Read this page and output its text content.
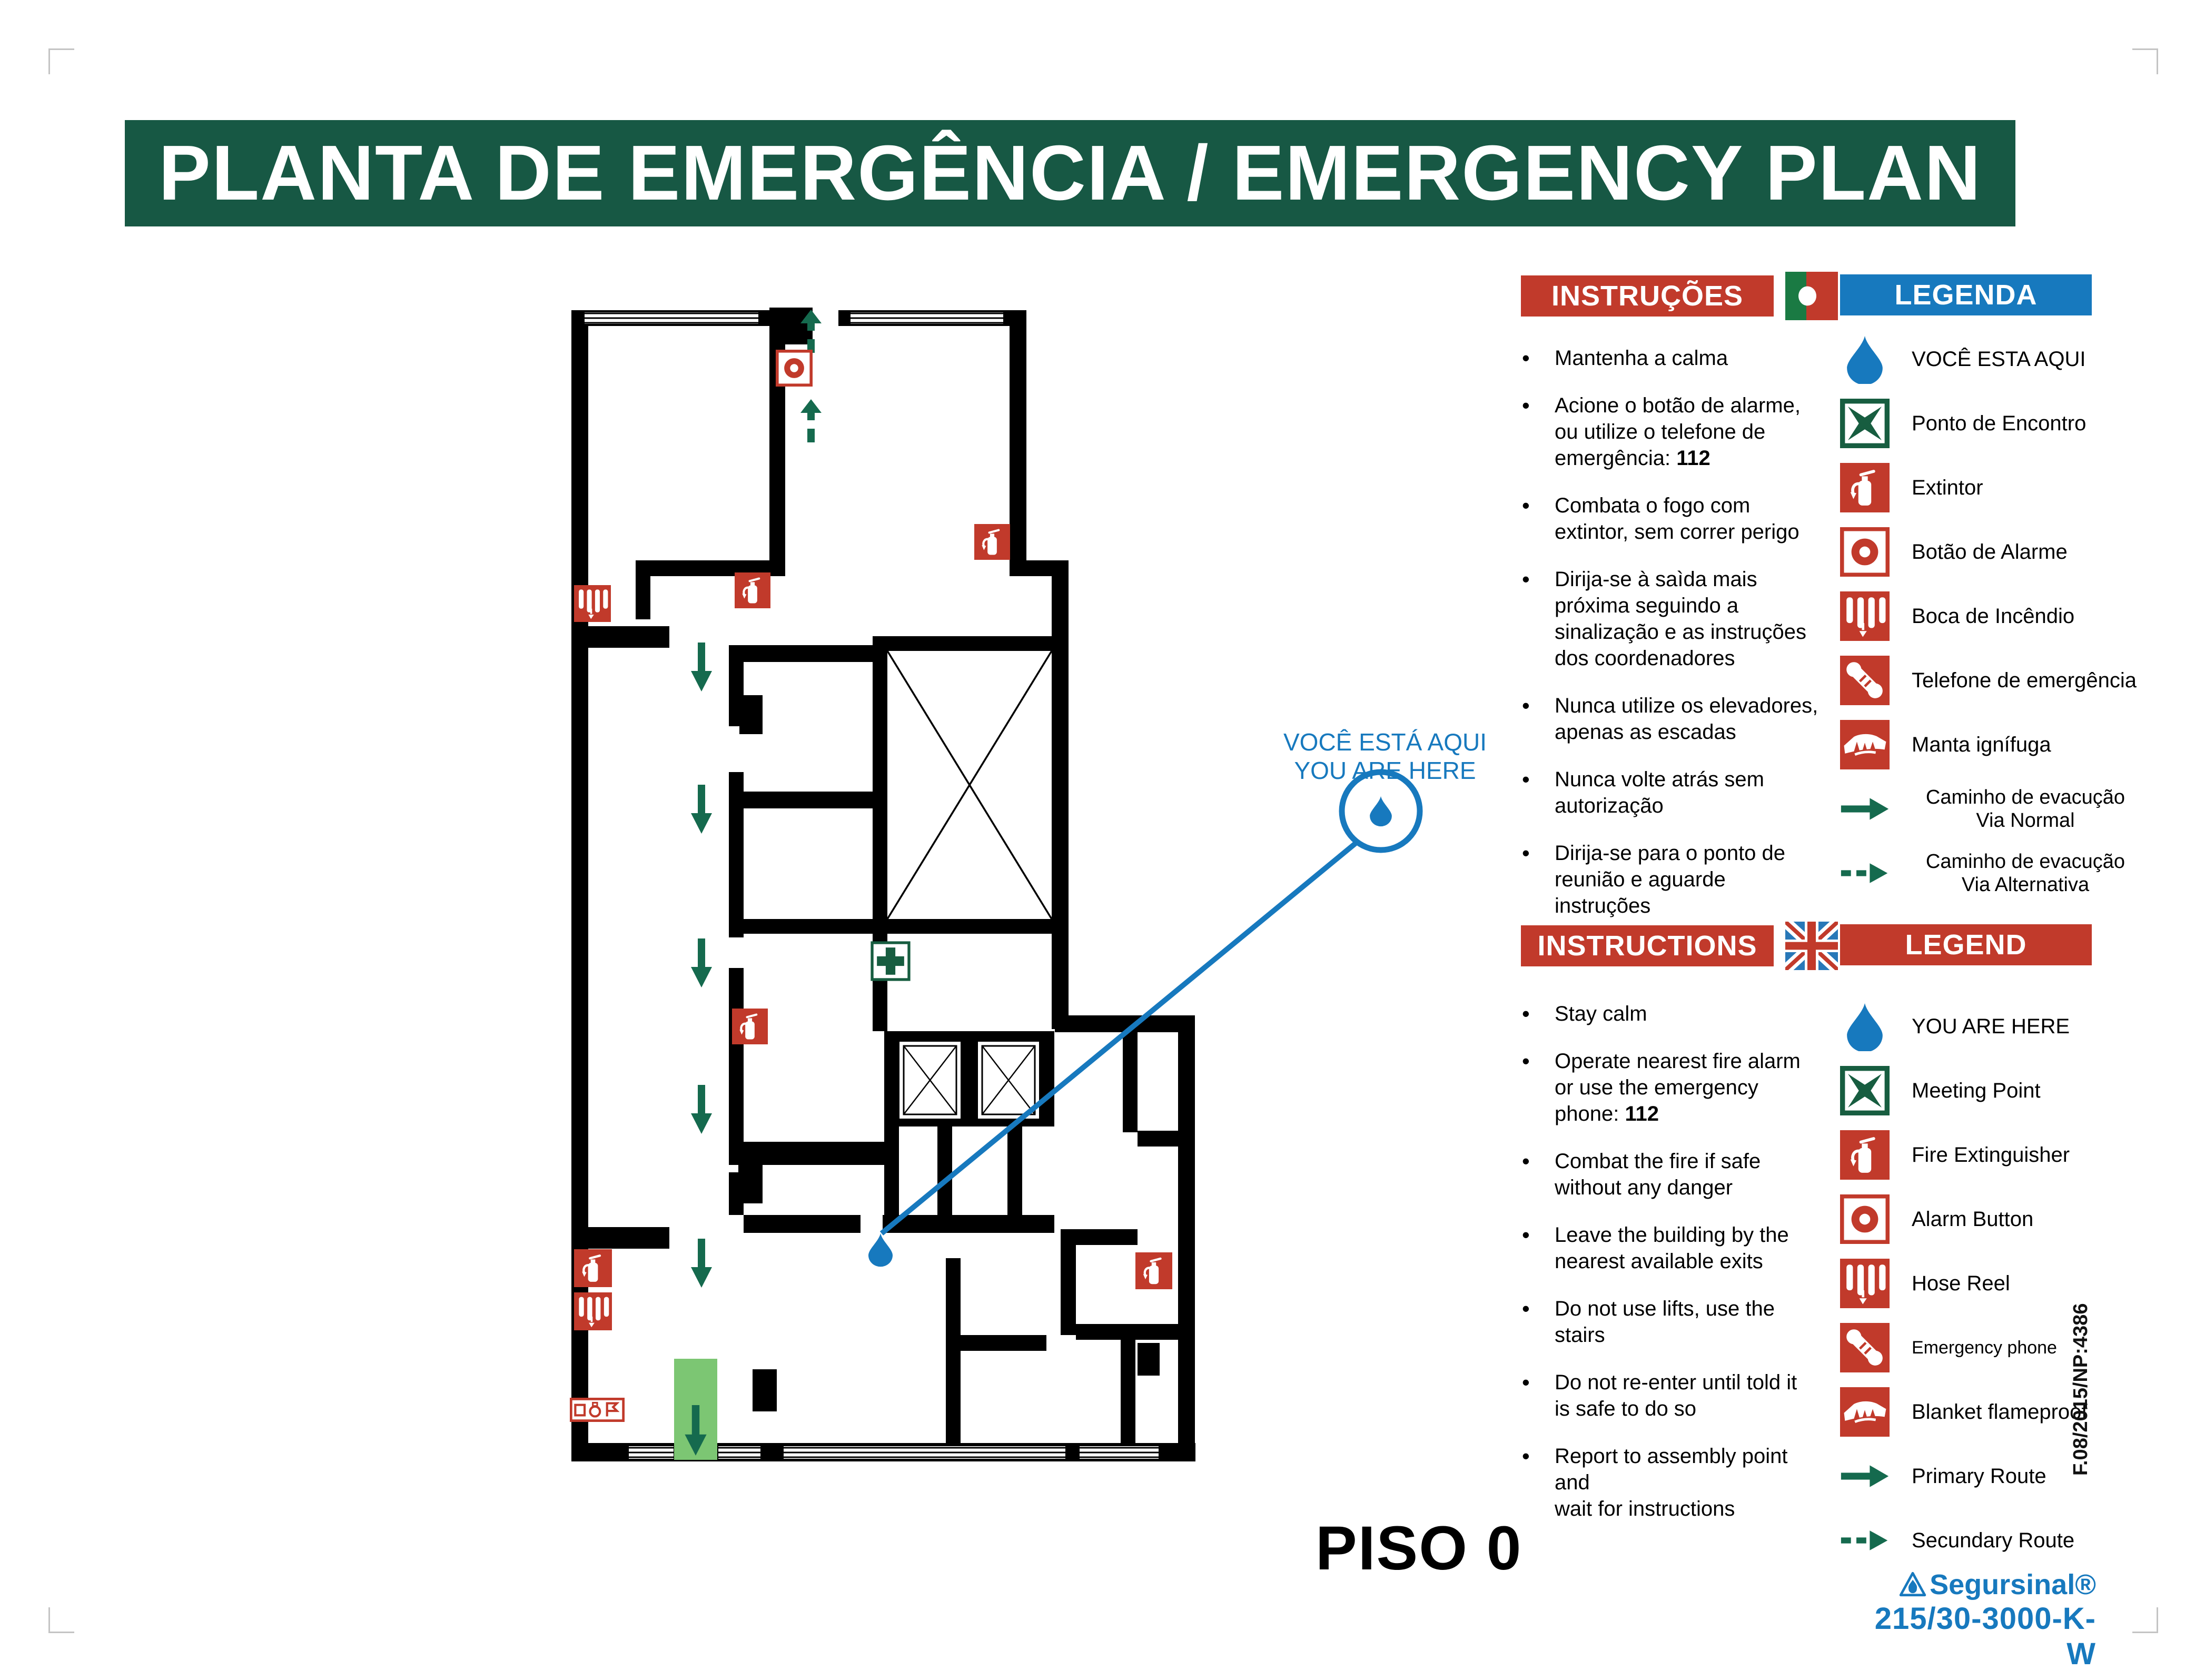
PLANTA DE EMERGÊNCIA / EMERGENCY PLAN
VOCÊ ESTÁ AQUI
YOU ARE HERE
INSTRUÇÕES	LEGENDA
•	Mantenha a calma
•	Acione o botão de alarme,
ou utilize o telefone de
emergência: 112
•	Combata o fogo com
extintor, sem correr perigo
•	Dirija-se à saìda mais
próxima seguindo a
sinalização e as instruções
dos coordenadores
•	Nunca utilize os elevadores,
apenas as escadas
•	Nunca volte atrás sem
autorização
•	Dirija-se para o ponto de
reunião e aguarde instruções
VOCÊ ESTA AQUI
Ponto de Encontro
Extintor
Botão de Alarme
Boca de Incêndio
Telefone de emergência
Manta ignífuga
Caminho de evacução
Via Normal
Caminho de evacução
Via Alternativa
INSTRUCTIONS	LEGEND
•	Stay calm
•	Operate nearest fire alarm
or use the emergency
phone: 112
•	Combat the fire if safe
without any danger
•	Leave the building by the
nearest available exits
•	Do not use lifts, use the
stairs
•	Do not re-enter until told it
is safe to do so
•	Report to assembly point and
wait for instructions
YOU ARE HERE
Meeting Point
Fire Extinguisher
Alarm Button
Hose Reel
Emergency phone
Blanket flameproof
Primary Route
Secundary Route
PISO 0
F.08/2015/NP:4386
Segursinal®
215/30-3000-K-W
